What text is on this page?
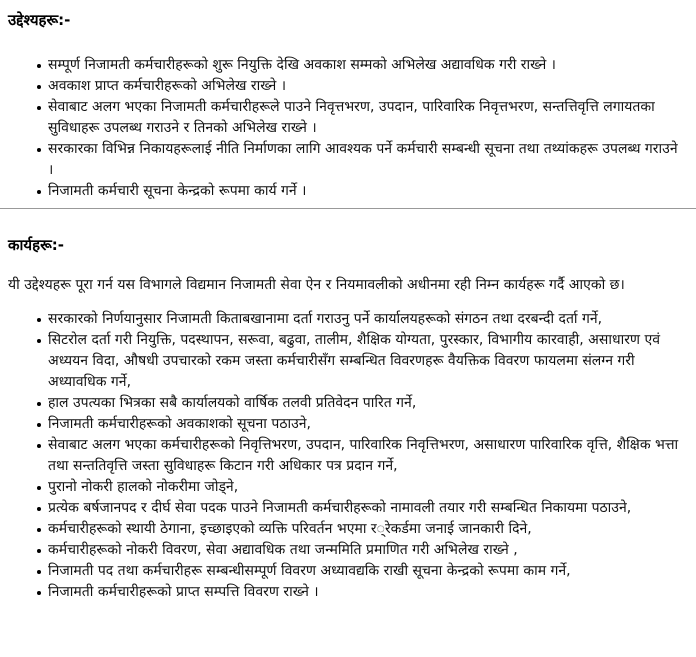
उद्देश्यहरू:-
सम्पूर्ण निजामती कर्मचारीहरूको शुरू नियुक्ति देखि अवकाश सम्मको अभिलेख अद्यावधिक गरी राख्ने ।
अवकाश प्राप्त कर्मचारीहरूको अभिलेख राख्ने ।
सेवाबाट अलग भएका निजामती कर्मचारीहरूले पाउने निवृत्तभरण, उपदान, पारिवारिक निवृत्तभरण, सन्तत्तिवृत्ति लगायतका सुविधाहरू उपलब्ध गराउने र तिनको अभिलेख राख्ने ।
सरकारका विभिन्न निकायहरूलाई नीति निर्माणका लागि आवश्यक पर्ने कर्मचारी सम्बन्धी सूचना तथा तथ्यांकहरू उपलब्ध गराउने ।
निजामती कर्मचारी सूचना केन्द्रको रूपमा कार्य गर्ने ।
कार्यहरू:-

यी उद्देश्यहरू पूरा गर्न यस विभागले विद्यमान निजामती सेवा ऐन र नियमावलीको अधीनमा रही निम्न कार्यहरू गर्दै आएको छ।

सरकारको निर्णयानुसार निजामती किताबखानामा दर्ता गराउनु पर्ने कार्यालयहरूको संगठन तथा दरबन्दी दर्ता गर्ने,
सिटरोल दर्ता गरी नियुक्ति, पदस्थापन, सरूवा, बढुवा, तालीम, शैक्षिक योग्यता, पुरस्कार, विभागीय कारवाही, असाधारण एवं अध्ययन विदा, औषधी उपचारको रकम जस्ता कर्मचारीसँग सम्बन्धित विवरणहरू वैयक्तिक विवरण फायलमा संलग्न गरी अध्यावधिक गर्ने,
हाल उपत्यका भित्रका सबै कार्यालयको वार्षिक तलवी प्रतिवेदन पारित गर्ने,
निजामती कर्मचारीहरूको अवकाशको सूचना पठाउने,
सेवाबाट अलग भएका कर्मचारीहरूको निवृत्तिभरण, उपदान, पारिवारिक निवृत्तिभरण, असाधारण पारिवारिक वृत्ति, शैक्षिक भत्ता तथा सन्ततिवृत्ति जस्ता सुविधाहरू किटान गरी अधिकार पत्र प्रदान गर्ने,
पुरानो नोकरी हालको नोकरीमा जोड्ने,
प्रत्येक बर्षजानपद र दीर्घ सेवा पदक पाउने निजामती कर्मचारीहरूको नामावली तयार गरी सम्बन्धित निकायमा पठाउने,
कर्मचारीहरूको स्थायी ठेगाना, इच्छाइएको व्यक्ति परिवर्तन भएमा र◌्रेकर्डमा जनाई जानकारी दिने,
कर्मचारीहरूको नोकरी विवरण, सेवा अद्यावधिक तथा जन्ममिति प्रमाणित गरी अभिलेख राख्ने ,
निजामती पद तथा कर्मचारीहरू सम्बन्धीसम्पूर्ण विवरण अध्यावद्यकि राखी सूचना केन्द्रको रूपमा काम गर्ने,
निजामती कर्मचारीहरूको प्राप्त सम्पत्ति विवरण राख्ने ।
